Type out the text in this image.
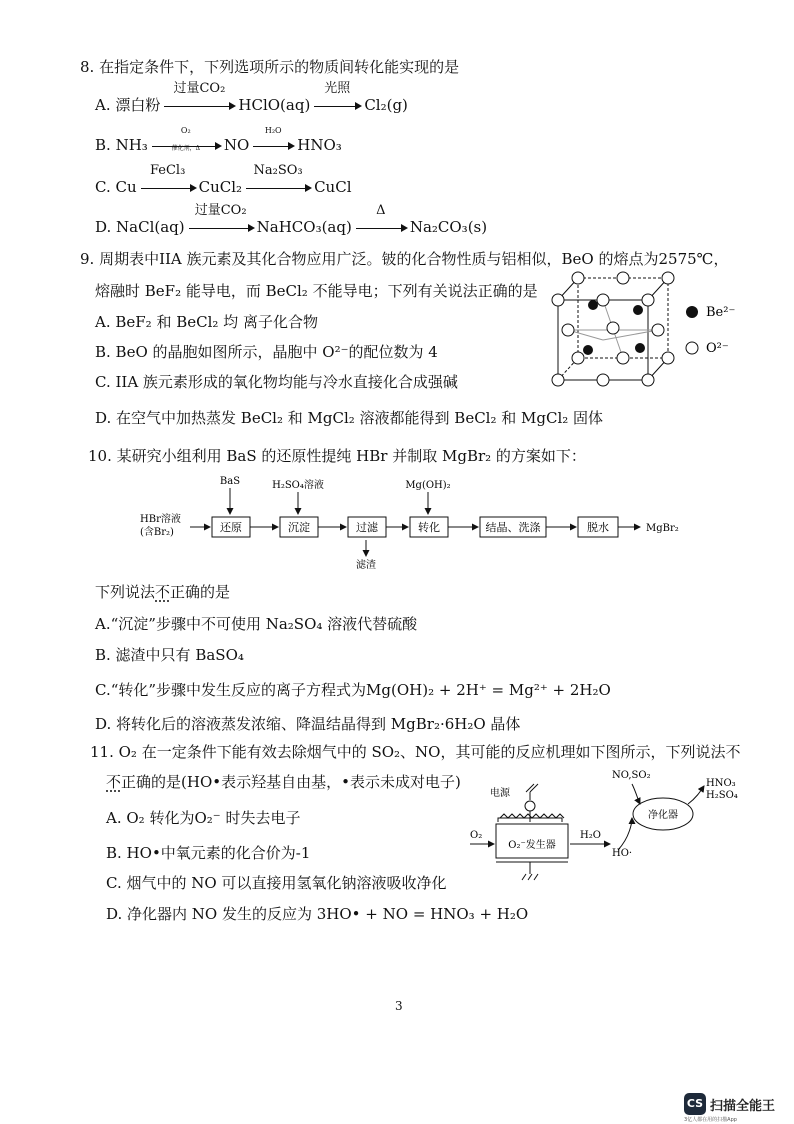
8. 在指定条件下，下列选项所示的物质间转化能实现的是
A. 漂白粉
过量CO₂
HClO(aq)
光照
Cl₂(g)
B. NH₃
O₂
催化剂，Δ	NO
H₂O
HNO₃
C. Cu
FeCl₃
CuCl₂
Na₂SO₃
CuCl
D. NaCl(aq)
过量CO₂
NaHCO₃(aq)
Δ
Na₂CO₃(s)
9. 周期表中IIA 族元素及其化合物应用广泛。铍的化合物性质与铝相似，BeO 的熔点为2575℃，
熔融时 BeF₂ 能导电，而 BeCl₂ 不能导电；下列有关说法正确的是
A. BeF₂ 和 BeCl₂ 均 离子化合物
B. BeO 的晶胞如图所示，晶胞中 O²⁻的配位数为 4
C. IIA 族元素形成的氧化物均能与冷水直接化合成强碱
D. 在空气中加热蒸发 BeCl₂ 和 MgCl₂ 溶液都能得到 BeCl₂ 和 MgCl₂ 固体
Be²⁻
O²⁻
10. 某研究小组利用 BaS 的还原性提纯 HBr 并制取 MgBr₂ 的方案如下：
HBr溶液
(含Br₂)	还原	沉淀	过滤	转化	结晶、洗涤	脱水
BaS	H₂SO₄溶液	Mg(OH)₂
滤渣
MgBr₂
下列说法不正确的是
A.“沉淀”步骤中不可使用 Na₂SO₄ 溶液代替硫酸
B. 滤渣中只有 BaSO₄
C.“转化”步骤中发生反应的离子方程式为Mg(OH)₂ + 2H⁺ = Mg²⁺ + 2H₂O
D. 将转化后的溶液蒸发浓缩、降温结晶得到 MgBr₂·6H₂O 晶体
11. O₂ 在一定条件下能有效去除烟气中的 SO₂、NO，其可能的反应机理如下图所示，下列说法不
不正确的是(HO•表示羟基自由基，•表示未成对电子)
A. O₂ 转化为O₂⁻ 时失去电子
B. HO•中氧元素的化合价为-1
C. 烟气中的 NO 可以直接用氢氧化钠溶液吸收净化
D. 净化器内 NO 发生的反应为 3HO• + NO = HNO₃ + H₂O
电源
O₂
O₂⁻发生器
H₂O
HO·
净化器
NO,SO₂
HNO₃
H₂SO₄
3
CS 扫描全能王
3亿人都在用的扫描App
